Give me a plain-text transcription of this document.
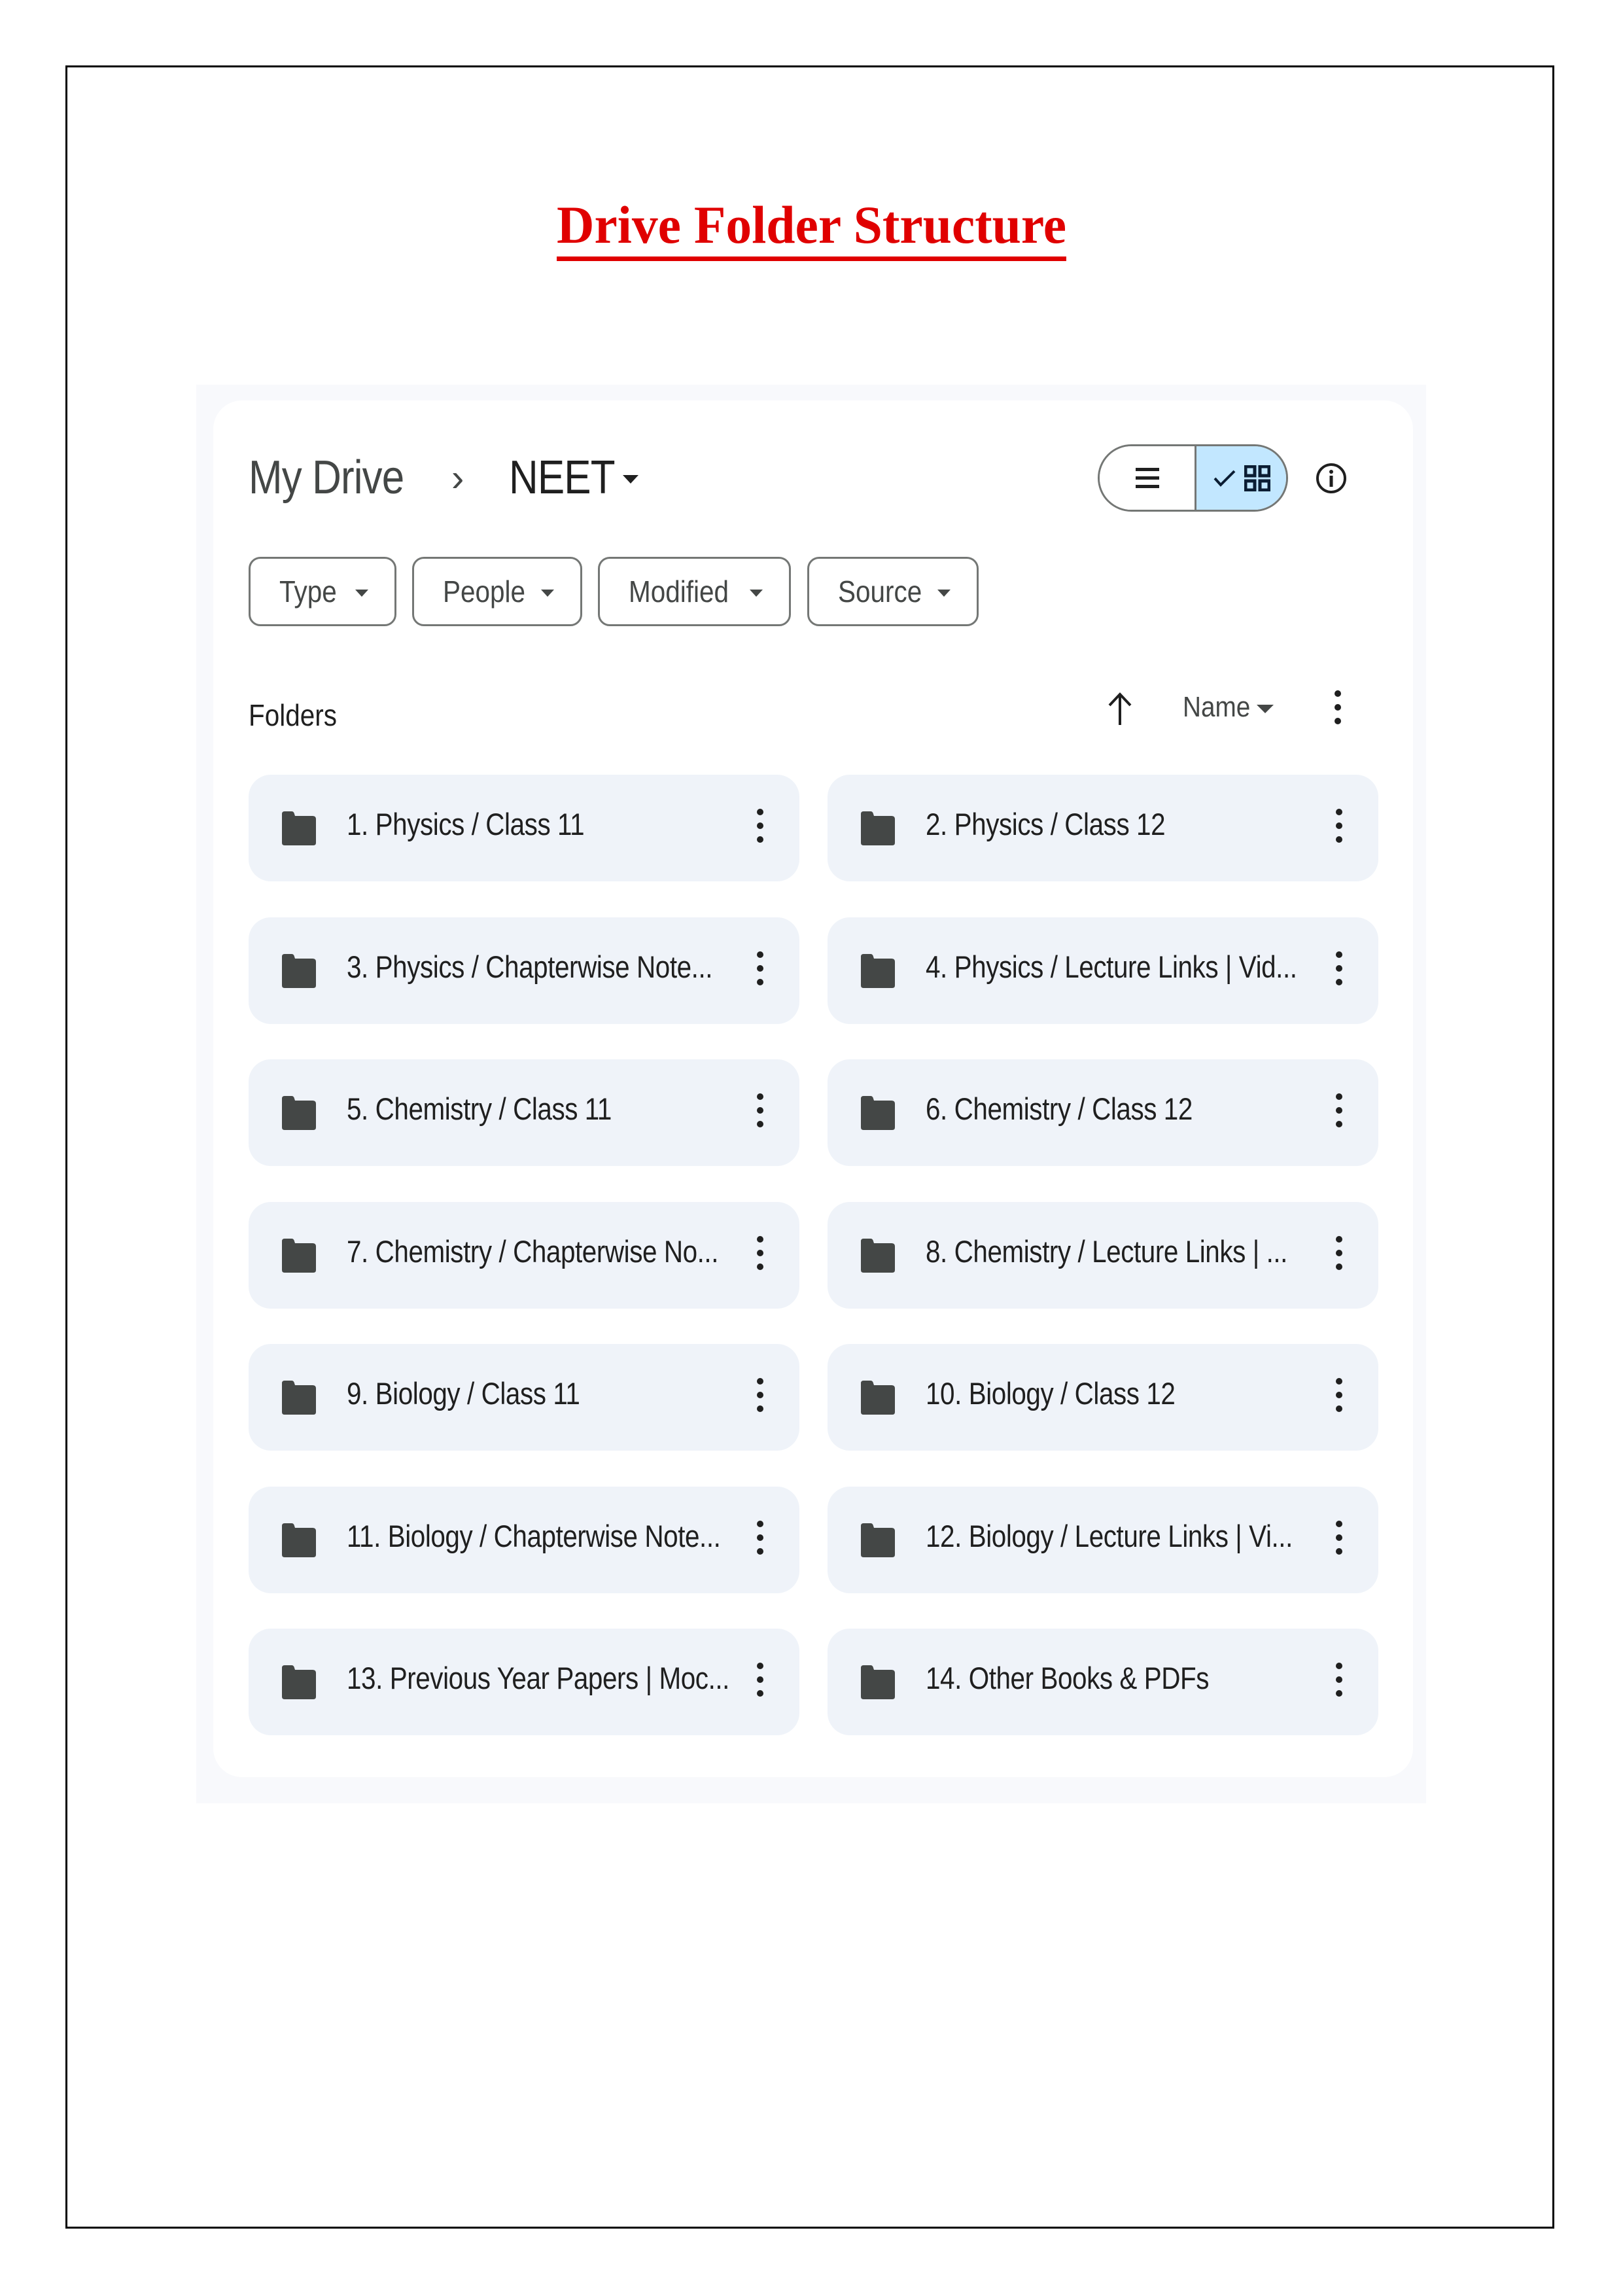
Drive Folder Structure
My Drive › NEET
Type	People	Modified	Source
Folders	Name
1. Physics / Class 11	2. Physics / Class 12
3. Physics / Chapterwise Note...	4. Physics / Lecture Links | Vid...
5. Chemistry / Class 11	6. Chemistry / Class 12
7. Chemistry / Chapterwise No...	8. Chemistry / Lecture Links | ...
9. Biology / Class 11	10. Biology / Class 12
11. Biology / Chapterwise Note...	12. Biology / Lecture Links | Vi...
13. Previous Year Papers | Moc...	14. Other Books & PDFs
